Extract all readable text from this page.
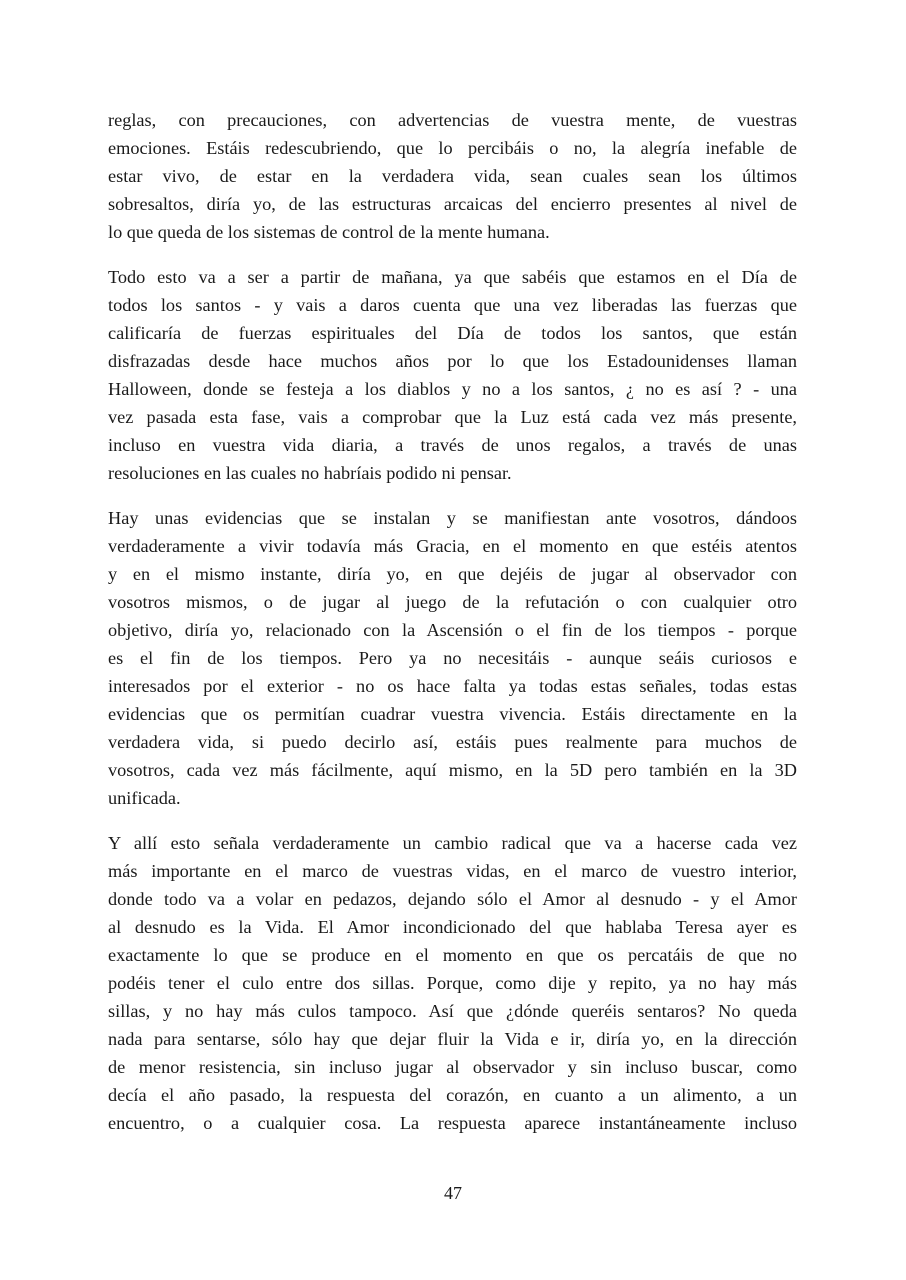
reglas, con precauciones, con advertencias de vuestra mente, de vuestras
emociones. Estáis redescubriendo, que lo percibáis o no, la alegría inefable de
estar vivo, de estar en la verdadera vida, sean cuales sean los últimos
sobresaltos, diría yo, de las estructuras arcaicas del encierro presentes al nivel de
lo que queda de los sistemas de control de la mente humana.
Todo esto va a ser a partir de mañana, ya que sabéis que estamos en el Día de
todos los santos - y vais a daros cuenta que una vez liberadas las fuerzas que
calificaría de fuerzas espirituales del Día de todos los santos, que están
disfrazadas desde hace muchos años por lo que los Estadounidenses llaman
Halloween, donde se festeja a los diablos y no a los santos, ¿ no es así ? - una
vez pasada esta fase, vais a comprobar que la Luz está cada vez más presente,
incluso en vuestra vida diaria, a través de unos regalos, a través de unas
resoluciones en las cuales no habríais podido ni pensar.
Hay unas evidencias que se instalan y se manifiestan ante vosotros, dándoos
verdaderamente a vivir todavía más Gracia, en el momento en que estéis atentos
y en el mismo instante, diría yo, en que dejéis de jugar al observador con
vosotros mismos, o de jugar al juego de la refutación o con cualquier otro
objetivo, diría yo, relacionado con la Ascensión o el fin de los tiempos - porque
es el fin de los tiempos. Pero ya no necesitáis - aunque seáis curiosos e
interesados por el exterior - no os hace falta ya todas estas señales, todas estas
evidencias que os permitían cuadrar vuestra vivencia. Estáis directamente en la
verdadera vida, si puedo decirlo así, estáis pues realmente para muchos de
vosotros, cada vez más fácilmente, aquí mismo, en la 5D pero también en la 3D
unificada.
Y allí esto señala verdaderamente un cambio radical que va a hacerse cada vez
más importante en el marco de vuestras vidas, en el marco de vuestro interior,
donde todo va a volar en pedazos, dejando sólo el Amor al desnudo - y el Amor
al desnudo es la Vida. El Amor incondicionado del que hablaba Teresa ayer es
exactamente lo que se produce en el momento en que os percatáis de que no
podéis tener el culo entre dos sillas. Porque, como dije y repito, ya no hay más
sillas, y no hay más culos tampoco. Así que ¿dónde queréis sentaros? No queda
nada para sentarse, sólo hay que dejar fluir la Vida e ir, diría yo, en la dirección
de menor resistencia, sin incluso jugar al observador y sin incluso buscar, como
decía el año pasado, la respuesta del corazón, en cuanto a un alimento, a un
encuentro, o a cualquier cosa. La respuesta aparece instantáneamente incluso
47
